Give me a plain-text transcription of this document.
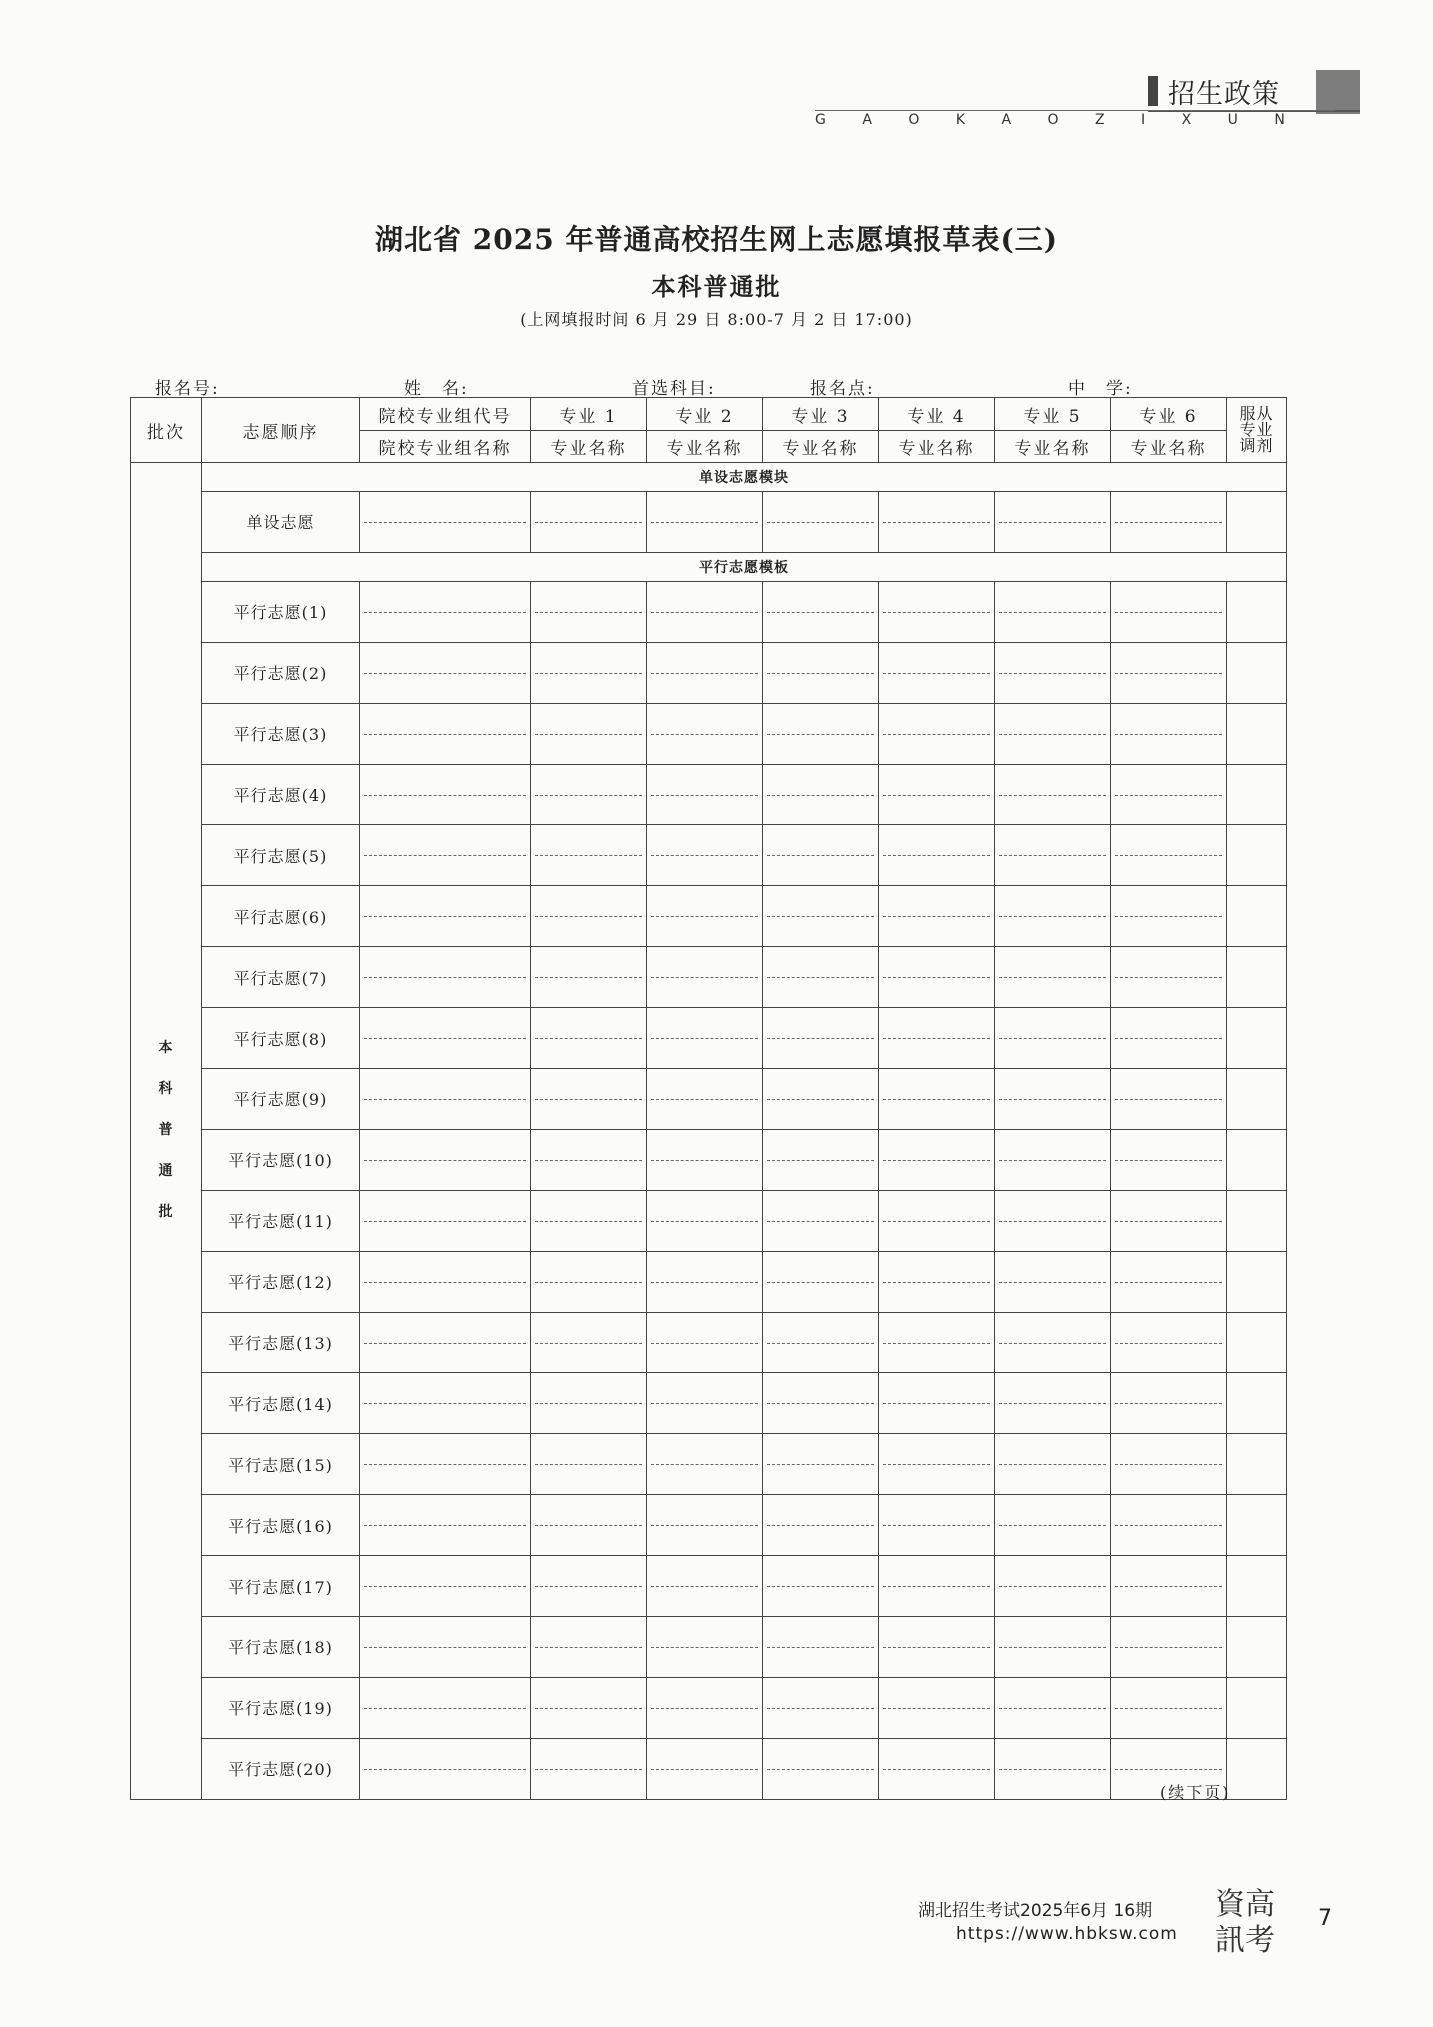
招生政策
G	A	O	K	A	O	Z	I	X	U	N
湖北省 2025 年普通高校招生网上志愿填报草表(三)
本科普通批
(上网填报时间 6 月 29 日 8:00-7 月 2 日 17:00)
报名号:	姓　名:	首选科目:	报名点:	中　学:
批次	志愿顺序	院校专业组代号	专业 1	专业 2	专业 3	专业 4	专业 5	专业 6	服从
专业
调剂

		院校专业组名称	专业名称	专业名称	专业名称	专业名称	专业名称	专业名称	

本
科
普
通
批	单设志愿模块								
	单设志愿								
	平行志愿模板								
	平行志愿(1)								
	平行志愿(2)								
	平行志愿(3)								
	平行志愿(4)								
	平行志愿(5)								
	平行志愿(6)								
	平行志愿(7)								
	平行志愿(8)								
	平行志愿(9)								
	平行志愿(10)								
	平行志愿(11)								
	平行志愿(12)								
	平行志愿(13)								
	平行志愿(14)								
	平行志愿(15)								
	平行志愿(16)								
	平行志愿(17)								
	平行志愿(18)								
	平行志愿(19)								
	平行志愿(20)								
(续下页)
湖北招生考试2025年6月 16期
https://www.hbksw.com
資高
訊考
7
